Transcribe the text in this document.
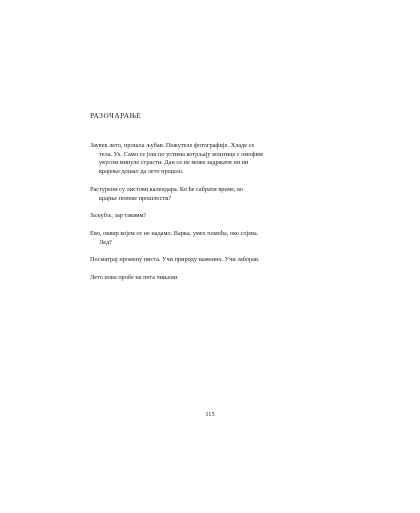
РАЗОЧАРАЊЕ
Заувек лето, прошла љубав. Пожутеле фотографије. Хладе се
тела. Ух. Само се још по устима котрљају воштице с омофим
укусом минуле страсти. Дан се не може задржати ни ни
крајење дошао да лето прошло.
Растурени су листови календара. Ко ће сабрати време, ко
крајње понеке прошлости?
Заљубљ, зар таквим?
Ево, оквир којем се не надамо. Варка, умех помоћа, око сојева.
Лед?
Посматрај промену писта. Учи природу нажених. Учи заборав.
Лето нова пробе на пета чињени.
115
